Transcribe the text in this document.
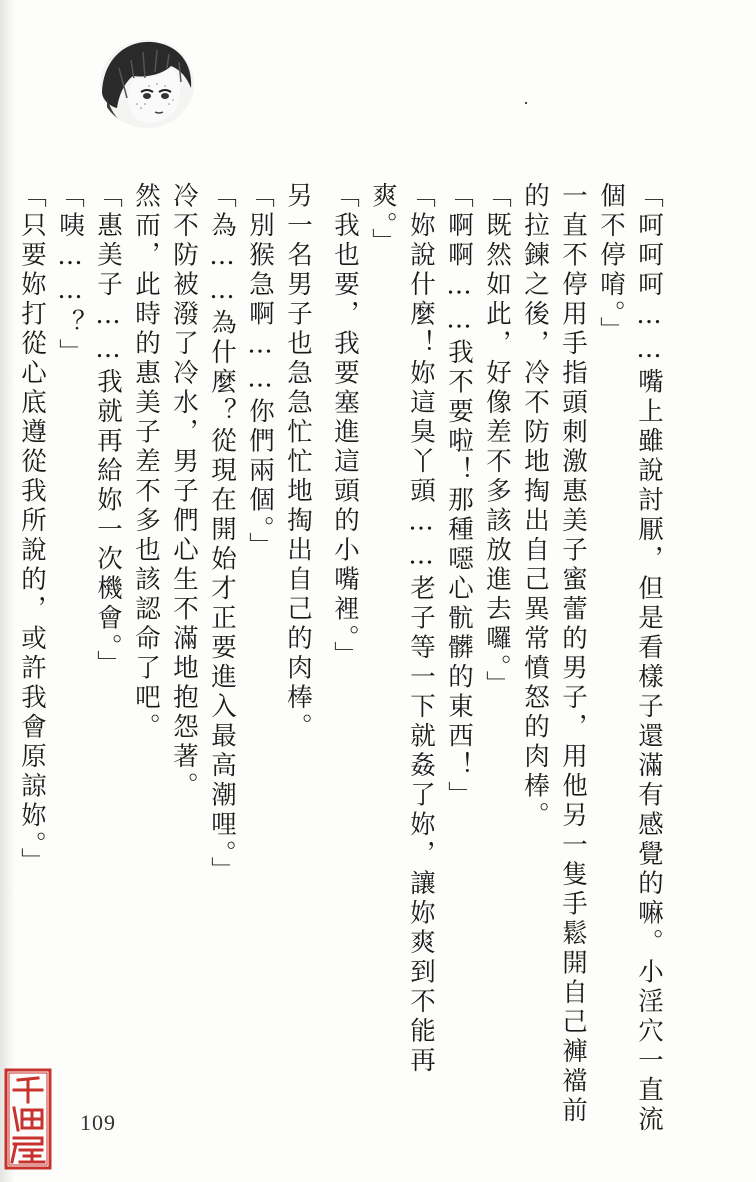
「呵呵呵……嘴上雖說討厭，但是看樣子還滿有感覺的嘛。小淫穴一直流
個不停唷。」
一直不停用手指頭刺激惠美子蜜蕾的男子，用他另一隻手鬆開自己褲襠前
的拉鍊之後，冷不防地掏出自己異常憤怒的肉棒。
「既然如此，好像差不多該放進去囉。」
「啊啊……我不要啦！那種噁心骯髒的東西！」
「妳說什麼！妳這臭丫頭……老子等一下就姦了妳，讓妳爽到不能再
爽。」
「我也要，我要塞進這頭的小嘴裡。」
另一名男子也急急忙忙地掏出自己的肉棒。
「別猴急啊……你們兩個。」
「為……為什麼？從現在開始才正要進入最高潮哩。」
冷不防被潑了冷水，男子們心生不滿地抱怨著。
然而，此時的惠美子差不多也該認命了吧。
「惠美子……我就再給妳一次機會。」
「咦……？」
「只要妳打從心底遵從我所說的，或許我會原諒妳。」
109
